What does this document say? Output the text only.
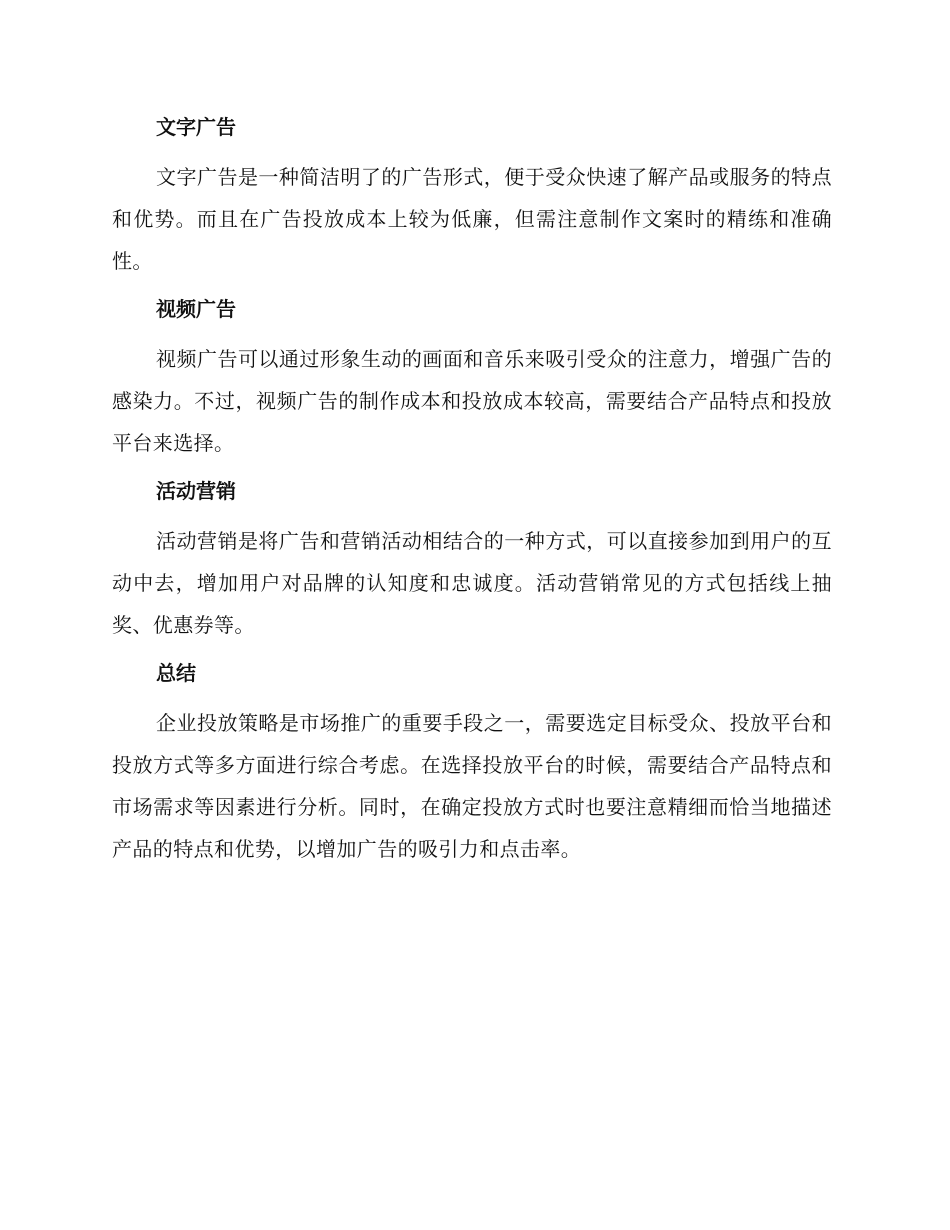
文字广告

文字广告是一种简洁明了的广告形式，便于受众快速了解产品或服务的特点和优势。而且在广告投放成本上较为低廉，但需注意制作文案时的精练和准确性。

视频广告

视频广告可以通过形象生动的画面和音乐来吸引受众的注意力，增强广告的感染力。不过，视频广告的制作成本和投放成本较高，需要结合产品特点和投放平台来选择。

活动营销

活动营销是将广告和营销活动相结合的一种方式，可以直接参加到用户的互动中去，增加用户对品牌的认知度和忠诚度。活动营销常见的方式包括线上抽奖、优惠券等。

总结

企业投放策略是市场推广的重要手段之一，需要选定目标受众、投放平台和投放方式等多方面进行综合考虑。在选择投放平台的时候，需要结合产品特点和市场需求等因素进行分析。同时，在确定投放方式时也要注意精细而恰当地描述产品的特点和优势，以增加广告的吸引力和点击率。
